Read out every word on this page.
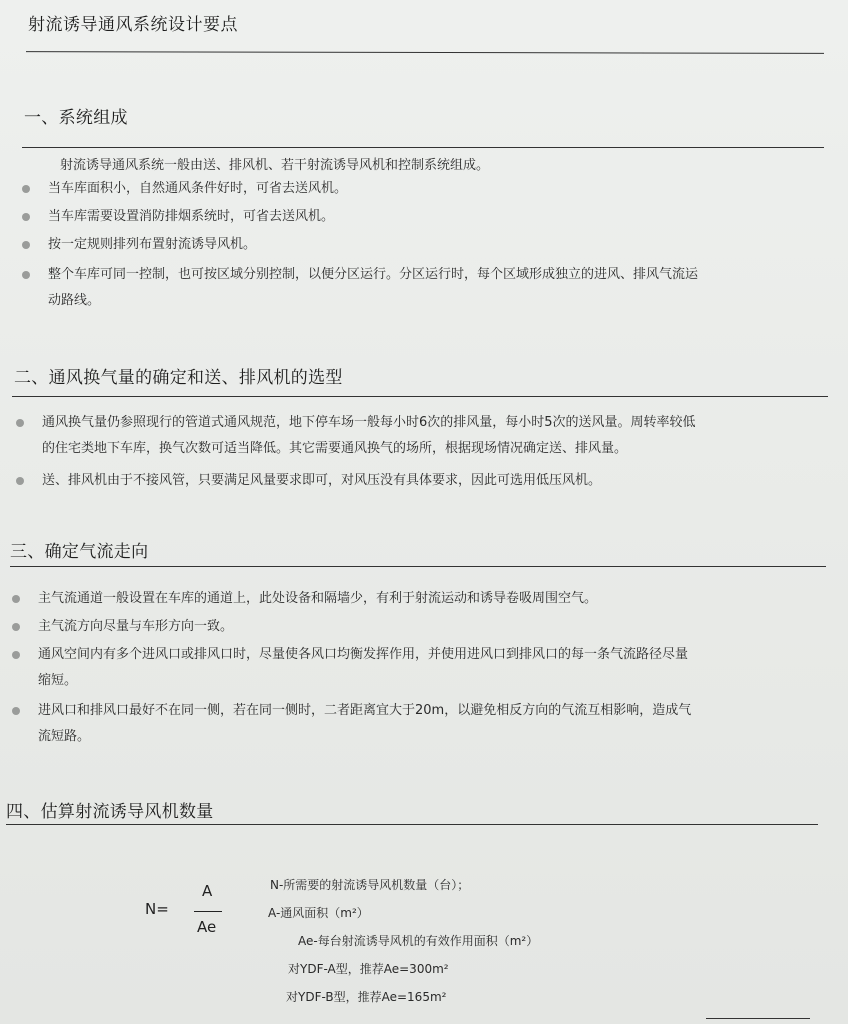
射流诱导通风系统设计要点
一、系统组成
射流诱导通风系统一般由送、排风机、若干射流诱导风机和控制系统组成。
当车库面积小，自然通风条件好时，可省去送风机。
当车库需要设置消防排烟系统时，可省去送风机。
按一定规则排列布置射流诱导风机。
整个车库可同一控制，也可按区域分别控制，以便分区运行。分区运行时，每个区域形成独立的进风、排风气流运
动路线。
二、通风换气量的确定和送、排风机的选型
通风换气量仍参照现行的管道式通风规范，地下停车场一般每小时6次的排风量，每小时5次的送风量。周转率较低
的住宅类地下车库，换气次数可适当降低。其它需要通风换气的场所，根据现场情况确定送、排风量。
送、排风机由于不接风管，只要满足风量要求即可，对风压没有具体要求，因此可选用低压风机。
三、确定气流走向
主气流通道一般设置在车库的通道上，此处设备和隔墙少，有利于射流运动和诱导卷吸周围空气。
主气流方向尽量与车形方向一致。
通风空间内有多个进风口或排风口时，尽量使各风口均衡发挥作用，并使用进风口到排风口的每一条气流路径尽量
缩短。
进风口和排风口最好不在同一侧，若在同一侧时，二者距离宜大于20m，以避免相反方向的气流互相影响，造成气
流短路。
四、估算射流诱导风机数量
N=
A
Ae
N-所需要的射流诱导风机数量（台）；
A-通风面积（m²）
Ae-每台射流诱导风机的有效作用面积（m²）
对YDF-A型，推荐Ae=300m²
对YDF-B型，推荐Ae=165m²
